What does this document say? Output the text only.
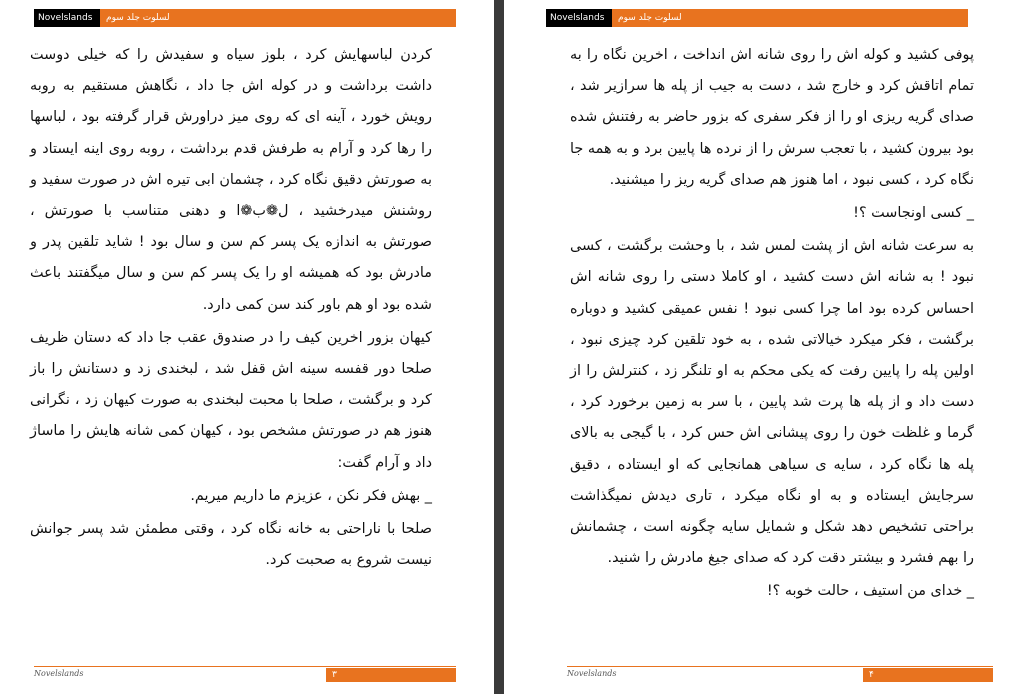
Novelslands	لسلوت جلد سوم

کردن لباسهایش کرد ، بلوز سیاه و سفیدش را که خیلی دوست داشت برداشت و در کوله اش جا داد ، نگاهش مستقیم به روبه رویش خورد ، آینه ای که روی میز دراورش قرار گرفته بود ، لباسها را رها کرد و آرام به طرفش قدم برداشت ، روبه روی اینه ایستاد و به صورتش دقیق نگاه کرد ، چشمان ابی تیره اش در صورت سفید و روشنش میدرخشید ، ل❁ب❁ا و دهنی متناسب با صورتش ، صورتش به اندازه یک پسر کم سن و سال بود ! شاید تلقین پدر و مادرش بود که همیشه او را یک پسر کم سن و سال میگفتند باعث شده بود او هم باور کند سن کمی دارد.

کیهان بزور اخرین کیف را در صندوق عقب جا داد که دستان ظریف صلحا دور قفسه سینه اش قفل شد ، لبخندی زد و دستانش را باز کرد و برگشت ، صلحا با محبت لبخندی به صورت کیهان زد ، نگرانی هنوز هم در صورتش مشخص بود ، کیهان کمی شانه هایش را ماساژ داد و آرام گفت:

_ بهش فکر نکن ، عزیزم ما داریم میریم.

صلحا با ناراحتی به خانه نگاه کرد ، وقتی مطمئن شد پسر جوانش نیست شروع به صحبت کرد.

Novelslands	۳
Novelslands	لسلوت جلد سوم

پوفی کشید و کوله اش را روی شانه اش انداخت ، اخرین نگاه را به تمام اتاقش کرد و خارج شد ، دست به جیب از پله ها سرازیر شد ، صدای گریه ریزی او را از فکر سفری که بزور حاضر به رفتنش شده بود بیرون کشید ، با تعجب سرش را از نرده ها پایین برد و به همه جا نگاه کرد ، کسی نبود ، اما هنوز هم صدای گریه ریز را میشنید.

_ کسی اونجاست ؟!

به سرعت شانه اش از پشت لمس شد ، با وحشت برگشت ، کسی نبود ! به شانه اش دست کشید ، او کاملا دستی را روی شانه اش احساس کرده بود اما چرا کسی نبود ! نفس عمیقی کشید و دوباره برگشت ، فکر میکرد خیالاتی شده ، به خود تلقین کرد چیزی نبود ، اولین پله را پایین رفت که یکی محکم به او تلنگر زد ، کنترلش را از دست داد و از پله ها پرت شد پایین ، با سر به زمین برخورد کرد ، گرما و غلظت خون را روی پیشانی اش حس کرد ، با گیجی به بالای پله ها نگاه کرد ، سایه ی سیاهی همانجایی که او ایستاده ، دقیق سرجایش ایستاده و به او نگاه میکرد ، تاری دیدش نمیگذاشت براحتی تشخیص دهد شکل و شمایل سایه چگونه است ، چشمانش را بهم فشرد و بیشتر دقت کرد که صدای جیغ مادرش را شنید.

_ خدای من استیف ، حالت خوبه ؟!

Novelslands	۴
